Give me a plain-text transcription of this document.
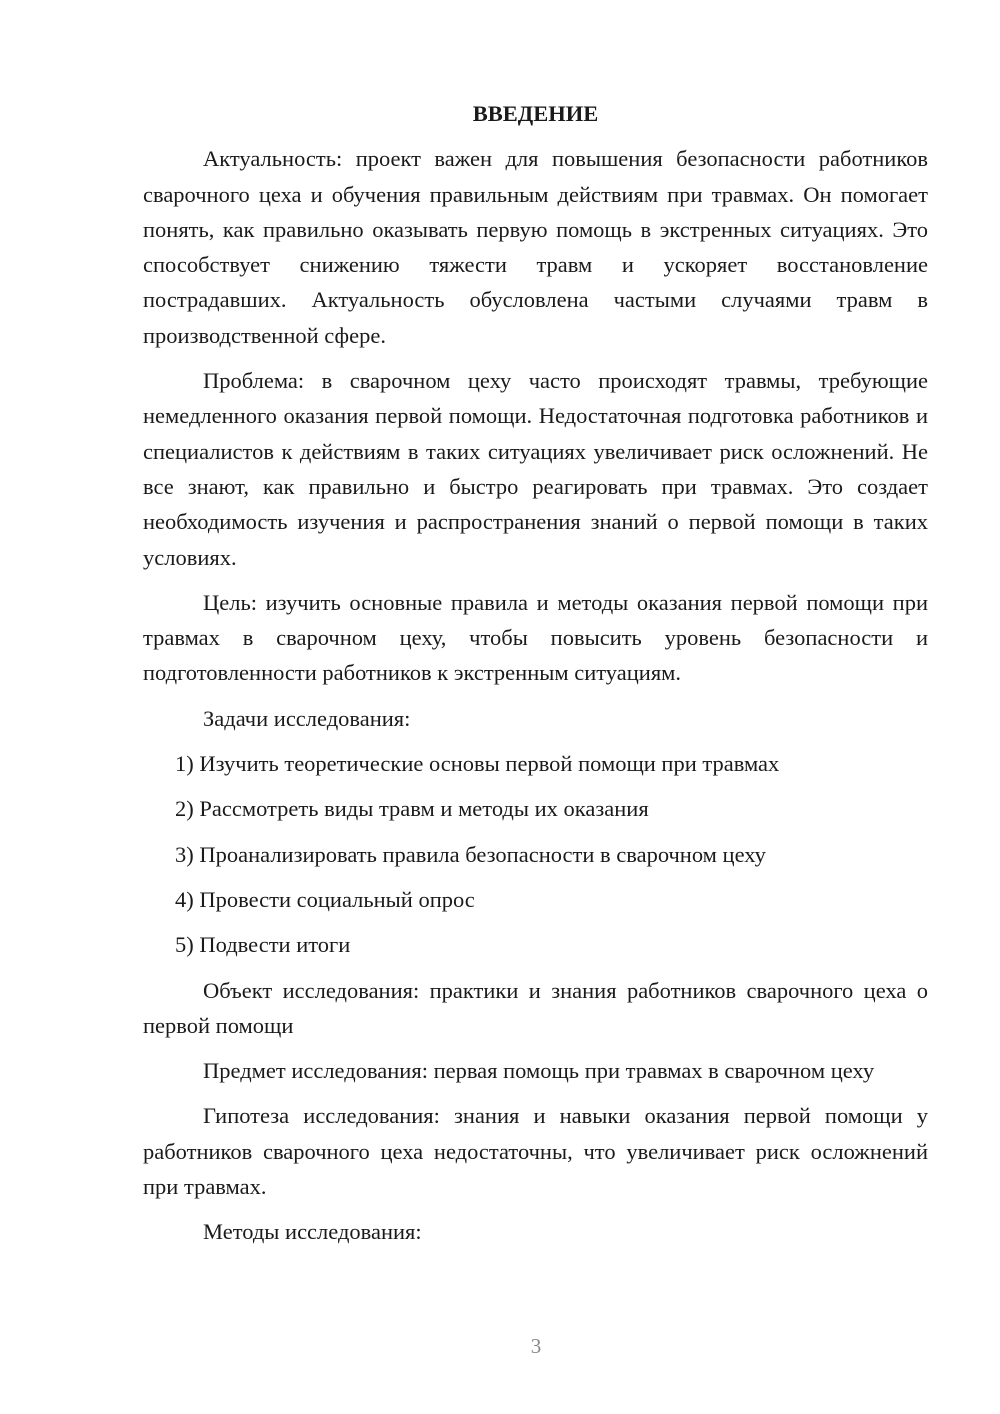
ВВЕДЕНИЕ

Актуальность: проект важен для повышения безопасности работников сварочного цеха и обучения правильным действиям при травмах. Он помогает понять, как правильно оказывать первую помощь в экстренных ситуациях. Это способствует снижению тяжести травм и ускоряет восстановление пострадавших. Актуальность обусловлена частыми случаями травм в производственной сфере.

Проблема: в сварочном цеху часто происходят травмы, требующие немедленного оказания первой помощи. Недостаточная подготовка работников и специалистов к действиям в таких ситуациях увеличивает риск осложнений. Не все знают, как правильно и быстро реагировать при травмах. Это создает необходимость изучения и распространения знаний о первой помощи в таких условиях.

Цель: изучить основные правила и методы оказания первой помощи при травмах в сварочном цеху, чтобы повысить уровень безопасности и подготовленности работников к экстренным ситуациям.

Задачи исследования:

1) Изучить теоретические основы первой помощи при травмах

2) Рассмотреть виды травм и методы их оказания

3) Проанализировать правила безопасности в сварочном цеху

4) Провести социальный опрос

5) Подвести итоги

Объект исследования: практики и знания работников сварочного цеха о первой помощи

Предмет исследования: первая помощь при травмах в сварочном цеху

Гипотеза исследования: знания и навыки оказания первой помощи у работников сварочного цеха недостаточны, что увеличивает риск осложнений при травмах.

Методы исследования:

3
